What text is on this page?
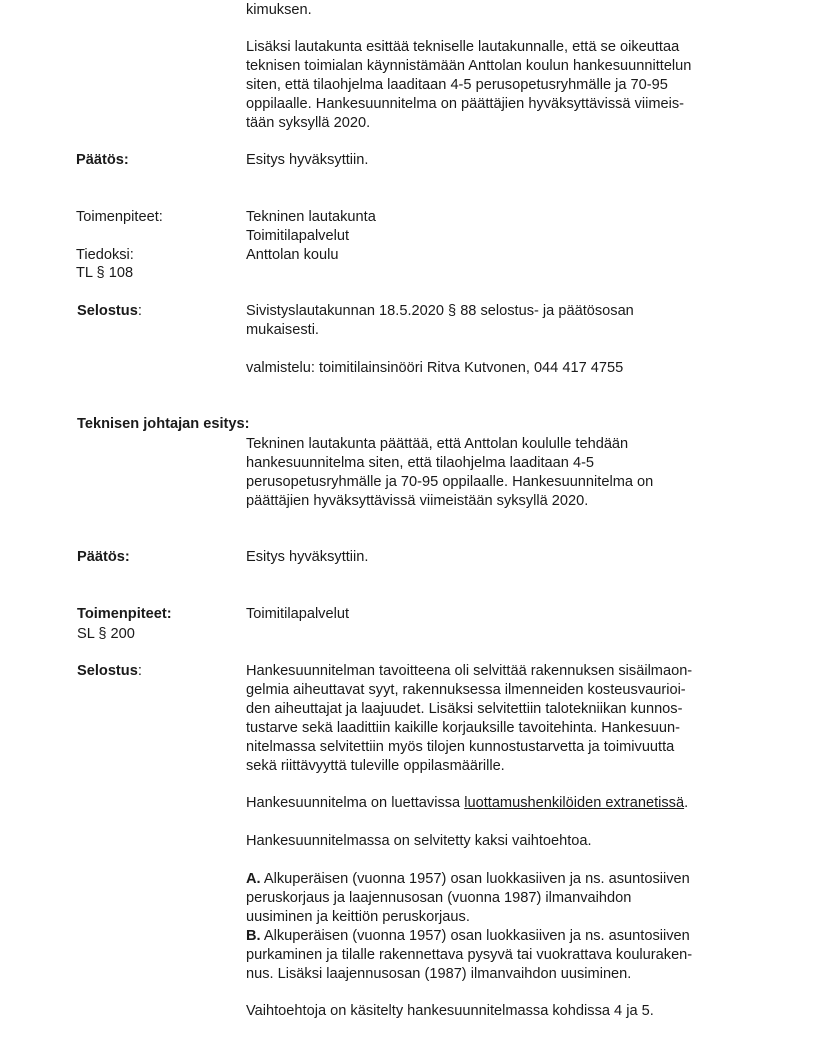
kimuksen.
Lisäksi lautakunta esittää tekniselle lautakunnalle, että se oikeuttaa
teknisen toimialan käynnistämään Anttolan koulun hankesuunnittelun
siten, että tilaohjelma laaditaan 4-5 perusopetusryhmälle ja 70-95
oppilaalle. Hankesuunnitelma on päättäjien hyväksyttävissä viimeis-
tään syksyllä 2020.
Päätös:	Esitys hyväksyttiin.
Toimenpiteet:	Tekninen lautakunta
Toimitilapalvelut
Tiedoksi:	Anttolan koulu
TL § 108
Selostus:	Sivistyslautakunnan 18.5.2020 § 88 selostus- ja päätösosan
mukaisesti.
valmistelu: toimitilainsinööri Ritva Kutvonen, 044 417 4755
Teknisen johtajan esitys:
Tekninen lautakunta päättää, että Anttolan koululle tehdään
hankesuunnitelma siten, että tilaohjelma laaditaan 4-5
perusopetusryhmälle ja 70-95 oppilaalle. Hankesuunnitelma on
päättäjien hyväksyttävissä viimeistään syksyllä 2020.
Päätös:	Esitys hyväksyttiin.
Toimenpiteet:	Toimitilapalvelut
SL § 200
Selostus:	Hankesuunnitelman tavoitteena oli selvittää rakennuksen sisäilmaon-
gelmia aiheuttavat syyt, rakennuksessa ilmenneiden kosteusvaurioi-
den aiheuttajat ja laajuudet. Lisäksi selvitettiin talotekniikan kunnos-
tustarve sekä laadittiin kaikille korjauksille tavoitehinta. Hankesuun-
nitelmassa selvitettiin myös tilojen kunnostustarvetta ja toimivuutta
sekä riittävyyttä tuleville oppilasmäärille.
Hankesuunnitelma on luettavissa luottamushenkilöiden extranetissä.
Hankesuunnitelmassa on selvitetty kaksi vaihtoehtoa.
A. Alkuperäisen (vuonna 1957) osan luokkasiiven ja ns. asuntosiiven
peruskorjaus ja laajennusosan (vuonna 1987) ilmanvaihdon
uusiminen ja keittiön peruskorjaus.
B. Alkuperäisen (vuonna 1957) osan luokkasiiven ja ns. asuntosiiven
purkaminen ja tilalle rakennettava pysyvä tai vuokrattava kouluraken-
nus. Lisäksi laajennusosan (1987) ilmanvaihdon uusiminen.
Vaihtoehtoja on käsitelty hankesuunnitelmassa kohdissa 4 ja 5.
